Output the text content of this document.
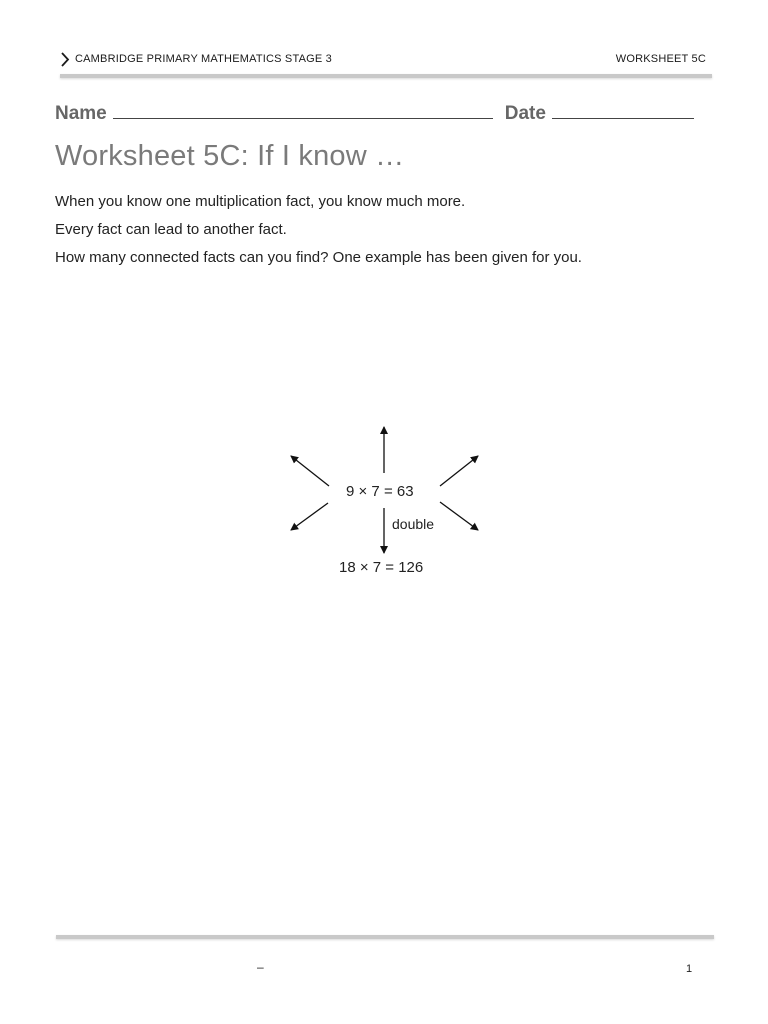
CAMBRIDGE PRIMARY MATHEMATICS STAGE 3	WORKSHEET 5C
Name	Date
Worksheet 5C: If I know …
When you know one multiplication fact, you know much more.
Every fact can lead to another fact.
How many connected facts can you find? One example has been given for you.
9 × 7 = 63
double
18 × 7 = 126
–	1
